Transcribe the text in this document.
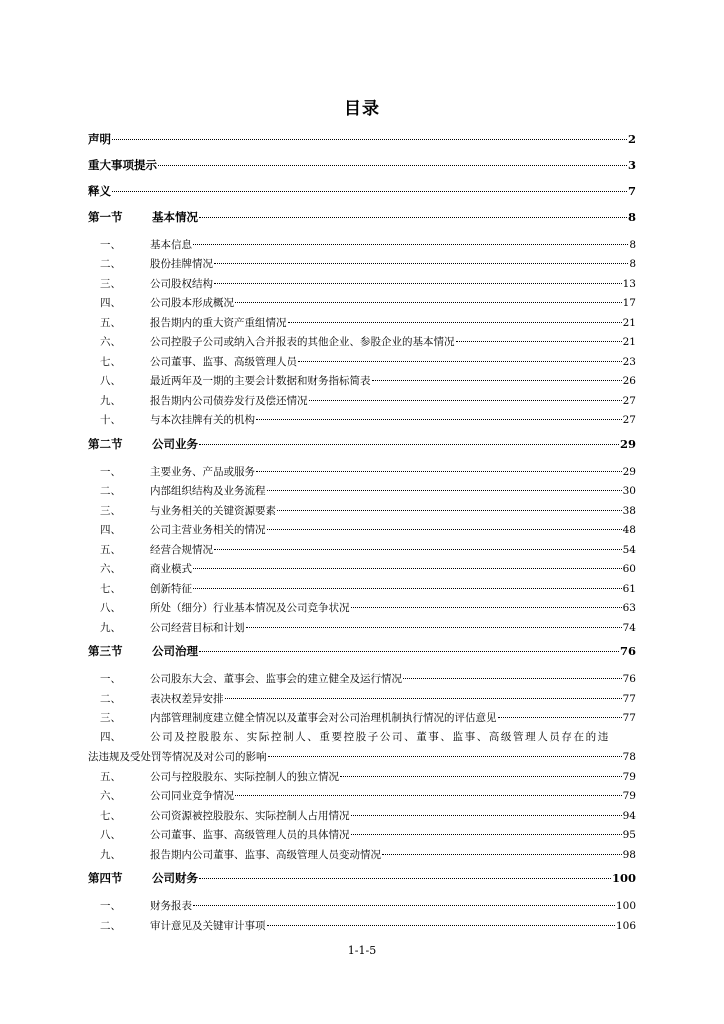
目录
声明	2
重大事项提示	3
释义	7
第一节	基本情况	8
一、	基本信息	8
二、	股份挂牌情况	8
三、	公司股权结构	13
四、	公司股本形成概况	17
五、	报告期内的重大资产重组情况	21
六、	公司控股子公司或纳入合并报表的其他企业、参股企业的基本情况	21
七、	公司董事、监事、高级管理人员	23
八、	最近两年及一期的主要会计数据和财务指标简表	26
九、	报告期内公司债券发行及偿还情况	27
十、	与本次挂牌有关的机构	27
第二节	公司业务	29
一、	主要业务、产品或服务	29
二、	内部组织结构及业务流程	30
三、	与业务相关的关键资源要素	38
四、	公司主营业务相关的情况	48
五、	经营合规情况	54
六、	商业模式	60
七、	创新特征	61
八、	所处（细分）行业基本情况及公司竞争状况	63
九、	公司经营目标和计划	74
第三节	公司治理	76
一、	公司股东大会、董事会、监事会的建立健全及运行情况	76
二、	表决权差异安排	77
三、	内部管理制度建立健全情况以及董事会对公司治理机制执行情况的评估意见	77
四、	公司及控股股东、实际控制人、重要控股子公司、董事、监事、高级管理人员存在的违
法违规及受处罚等情况及对公司的影响	78
五、	公司与控股股东、实际控制人的独立情况	79
六、	公司同业竞争情况	79
七、	公司资源被控股股东、实际控制人占用情况	94
八、	公司董事、监事、高级管理人员的具体情况	95
九、	报告期内公司董事、监事、高级管理人员变动情况	98
第四节	公司财务	100
一、	财务报表	100
二、	审计意见及关键审计事项	106
1-1-5
